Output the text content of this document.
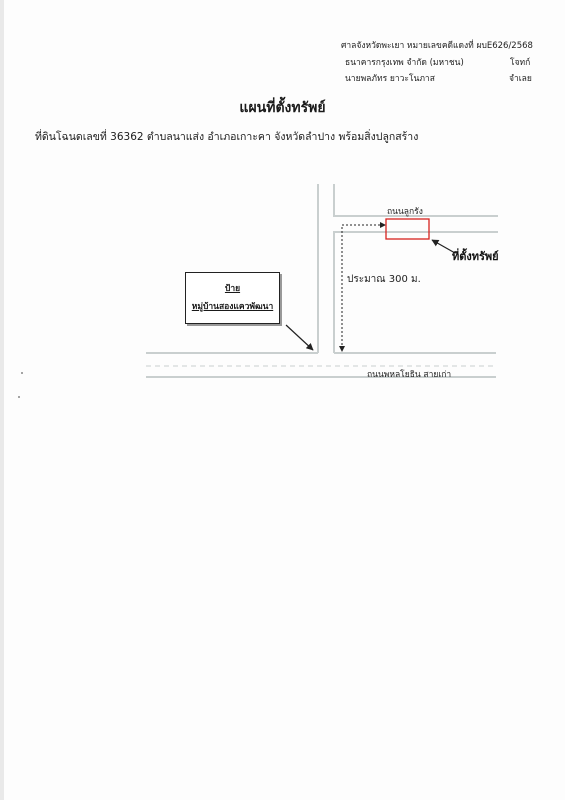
ศาลจังหวัดพะเยา หมายเลขคดีแดงที่ ผบE626/2568
ธนาคารกรุงเทพ จำกัด (มหาชน)	โจทก์
นายพลภัทร ยาวะโนภาส	จำเลย
แผนที่ตั้งทรัพย์
ที่ดินโฉนดเลขที่ 36362 ตำบลนาแส่ง อำเภอเกาะคา จังหวัดลำปาง พร้อมสิ่งปลูกสร้าง
ถนนลูกรัง
ที่ตั้งทรัพย์
ประมาณ 300 ม.
ถนนพหลโยธิน สายเก่า
ป้าย
หมู่บ้านสองแควพัฒนา
